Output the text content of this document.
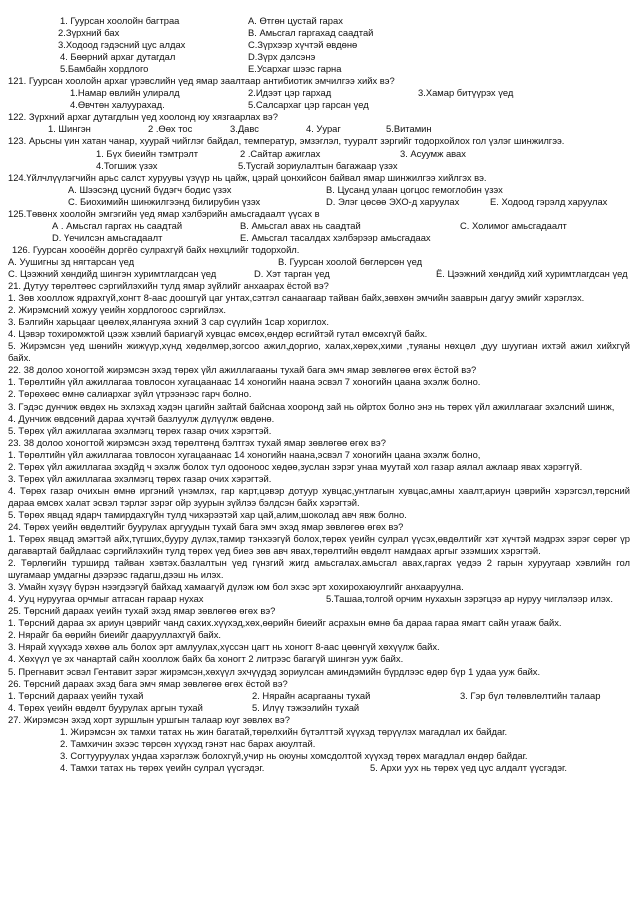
1. Гуурсан хоолойн багтраа	А. Өтгөн цустай гарах
2.Зүрхний бах	В. Амьсгал гаргахад саадтай
3.Ходоод гэдэсний цус алдах	С.Зүрхээр хүчтэй өвдөнө
4. Бөөрний архаг дутагдал	D.Зүрх дэлсэнэ
5.Бамбайн хордлого	Е.Усархаг шээс гарна
121. Гуурсан хоолойн архаг үрэвслийн үед ямар заалтаар антибиотик эмчилгээ хийх вэ?
1.Намар өвлийн улиралд	2.Идээт цэр гархад	3.Хамар битүүрэх үед
4.Өвчтөн халуурахад.	5.Салсархаг цэр гарсан үед
122. Зүрхний архаг дутагдлын үед хоолонд юу хязгаарлах вэ?
1. Шингэн	2 .Өөх тос	3.Давс	4. Уураг	5.Витамин
123. Арьсны үин хатан чанар, хуурай чийглэг байдал, температур, эмзэглэл, тууралт зэргийг тодорхойлох гол үзлэг шинжилгээ.
1. Бүх биеийн тэмтрэлт	2 .Сайтар ажиглах	3. Асуумж авах
4.Тогшиж үзэх	5.Тусгай зориулалтын багажаар үзэх
124.Үйлчлүүлэгчийн арьс салст хуруувы үзүүр нь цайж, цэрай цонхийсон байвал ямар шинжилгээ хийлгэх вэ.
А. Шээсэнд цусний бүдэгч бодис үзэх	В. Цусанд улаан цогцос гемоглобин үзэх
С. Биохимийн шинжилгээнд билирубин үзэх	D. Элэг цөсөө ЭХО-д харуулах	Е. Ходоод гэрэлд харуулах
125.Төвөнх хоолойн эмгэгийн үед ямар хэлбэрийн амьсгадаалт үүсах в
А . Амьсгал гаргах нь саадтай	В. Амьсгал авах нь саадтай	С. Холимог амьсгадаалт
D. Үечилсэн амьсгадаалт	Е. Амьсгал тасалдах хэлбэрээр амьсгадаах
126. Гуурсан хоооёйн доргёо сулрахгүй байх нөхцлийг тодорхойл.
А. Уушигны зд нягтарсан үед	В. Гуурсан хоолой бөглөрсөн үед
С. Цээжний хөндийд шингэн хуримтлагдсан үед	D. Хэт тарган үед	Ё. Цээжний хөндийд хий хуримтлагдсан үед
21. Дутуу төрөлтөөс сэргийлэхийн тулд ямар зүйлийг анхаарах ёстой вэ?
1. Зөв хооллож ядрахгүй,хонгт 8-аас доошгүй цаг унтах,сэтгэл санаагаар тайван байх,зөвхөн эмчийн зааврын дагуу эмийг хэрэглэх.
2. Жирэмсний хожуу үеийн хордлогоос сэргийлэх.
3. Бэлгийн харьцааг цөөлөх,ялангуяа эхний 3 сар сүүлийн 1сар хориглох.
4. Цэвэр тохиромжтой цээж хэвлий бариагүй хувцас өмсөх,өндөр өсгийтэй гутал өмсөхгүй байх.
5. Жирэмсэн үед шөнийн жижүүр,хүнд хөдөлмөр,зогсоо ажил,доргио, халах,хөрөх,хими ,туяаны нөхцөл ,дуу шуугиан ихтэй ажил хийхгүй байх.
22. 38 долоо хоногтой жирэмсэн эхэд төрөх үйл ажиллагааны тухай бага эмч ямар зөвлөгөө өгөх ёстой вэ?
1. Төрөлтийн үйл ажиллагаа товлосон хугацаанаас 14 хоногийн наана эсвэл 7 хоногийн цаана эхэлж болно.
2. Төрөхөөс өмнө салиархаг зүйл үтрээнээс гарч болно.
3. Гэдэс дунчиж өвдөх нь эхлэхэд хэдэн цагийн зайтай байснаа хооронд зай нь ойртох болно энэ нь төрөх үйл ажиллагааг эхэлсний шинж,
4. Дунчиж өвдсөний дараа хүчтэй базлуулж дүлүүлж өвдөнө.
5. Төрөх үйл ажиллагаа эхэлмэгц төрөх газар очих хэрэгтэй.
23. 38 долоо хоногтой жирэмсэн эхэд төрөлтөнд бэлтгэх тухай ямар зөвлөгөө өгөх вэ?
1. Төрөлтийн үйл ажиллагаа товлосон хугацаанаас 14 хоногийн наана,эсвэл 7 хоногийн цаана эхэлж болно,
2. Төрөх үйл ажиллагаа эхэдйд ч эхэлж болох тул одооноос хөдөө,зуслан зэрэг унаа муутай хол газар аялал ажлаар явах хэрэггүй.
3. Төрөх үйл ажиллагаа эхэлмэгц төрөх газар очих хэрэгтэй.
4. Төрөх газар очихын өмнө иргэний үнэмлэх, гар карт,цэвэр дотуур хувцас,унтлагын хувцас,амны хаалт,ариун цэврийн хэрэгсэл,төрсний дараа өмсөх халат эсвэл тэрлэг зэрэг ойр зуурын зүйлээ бэлдсэн байх хэрэгтэй.
5. Төрөх явцад ядарч тамирдахгүйн тулд чихэрээтэй хар цай,алим,шоколад авч явж болно.
24. Төрөх үеийн өвдөлтийг буурулах аргуудын тухай бага эмч эхэд ямар зөвлөгөө өгөх вэ?
1. Төрөх явцад эмэгтэй айх,түгших,бууру дүлэх,тамир тэнхээгүй болох,төрөх үеийн сулрал үүсэх,өвдөлтийг хэт хүчтэй мэдрэх зэрэг сөрөг үр дагавартай байдлаас сэргийлэхийн тулд төрөх үед биеэ зөв авч явах,төрөлтийн өвдөлт намдаах аргыг эзэмших хэрэгтэй.
2. Төрлөгийн турширд тайван хэвтэх.базлалтын үед гүнзгий жигд амьсгалах.амьсгал авах,гаргах үедээ 2 гарын хуруугаар хэвлийн гол шугамаар умдагны дээрээс гадагш,дээш нь илэх.
3. Умайн хүзүү бүрэн нээгдээгүй байхад хамаагүй дүлэж юм бол эхэс эрт хохирохаюулгийг анхааруулна.
4. Ууц нуруугаа орчмыг атгасан гараар нухах	5.Ташаа,толгой орчим нухахын зэрэгцээ ар нуруу чиглэлээр илэх.
25. Төрсний дараах үеийн тухай эхэд ямар зөвлөгөө өгөх вэ?
1. Төрсний дараа эх ариун цэврийг чанд сахих.хүүхэд,хөх,өөрийн биеийг асрахын өмнө ба дараа гараа ямагт сайн угааж байх.
2. Нярайг ба өөрийн биеийг даарууллахгүй байх.
3. Нярай хүүхэдэ хөхөө аль болох эрт амлуулах,хүссэн цагт нь хоногт 8-аас цөөнгүй хөхүүлж байх.
4. Хөхүүл үе эх чанартай сайн хооллож байх ба хоногт 2 литрээс багагүй шингэн ууж байх.
5. Прегнавит эсвэл Гентавит зэрэг жирэмсэн,хөхүүл эхчүүдэд зориулсан аминдэмийн бүрдлээс өдөр бүр 1 удаа ууж байх.
26. Төрсний дараах эхэд бага эмч ямар зөвлөгөө өгөх ёстой вэ?
1. Төрсний дараах үеийн тухай	2. Нярайн асаргааны тухай	3. Гэр бүл төлөвлөлтийн талаар
4. Төрөх үеийн өвдөлт буурулах аргын тухай	5. Илүү тэжээлийн тухай
27. Жирэмсэн эхэд хорт зуршлын уршгын талаар юуг зөвлөх вэ?
1. Жирэмсэн эх тамхи татах нь жин багатай,төрөлхийн бүтэлттэй хүүхэд төрүүлэх магадлал их байдаг.
2. Тамхичин эхээс төрсөн хүүхэд гэнэт нас барах аюултай.
3. Согтууруулах ундаа хэрэглэж болохгүй,учир нь оюуны хомсдолтой хүүхэд төрөх магадлал өндөр байдаг.
4. Тамхи татах нь төрөх үеийн сулрал үүсгэдэг.	5. Архи уух нь төрөх үед цус алдалт үүсгэдэг.
